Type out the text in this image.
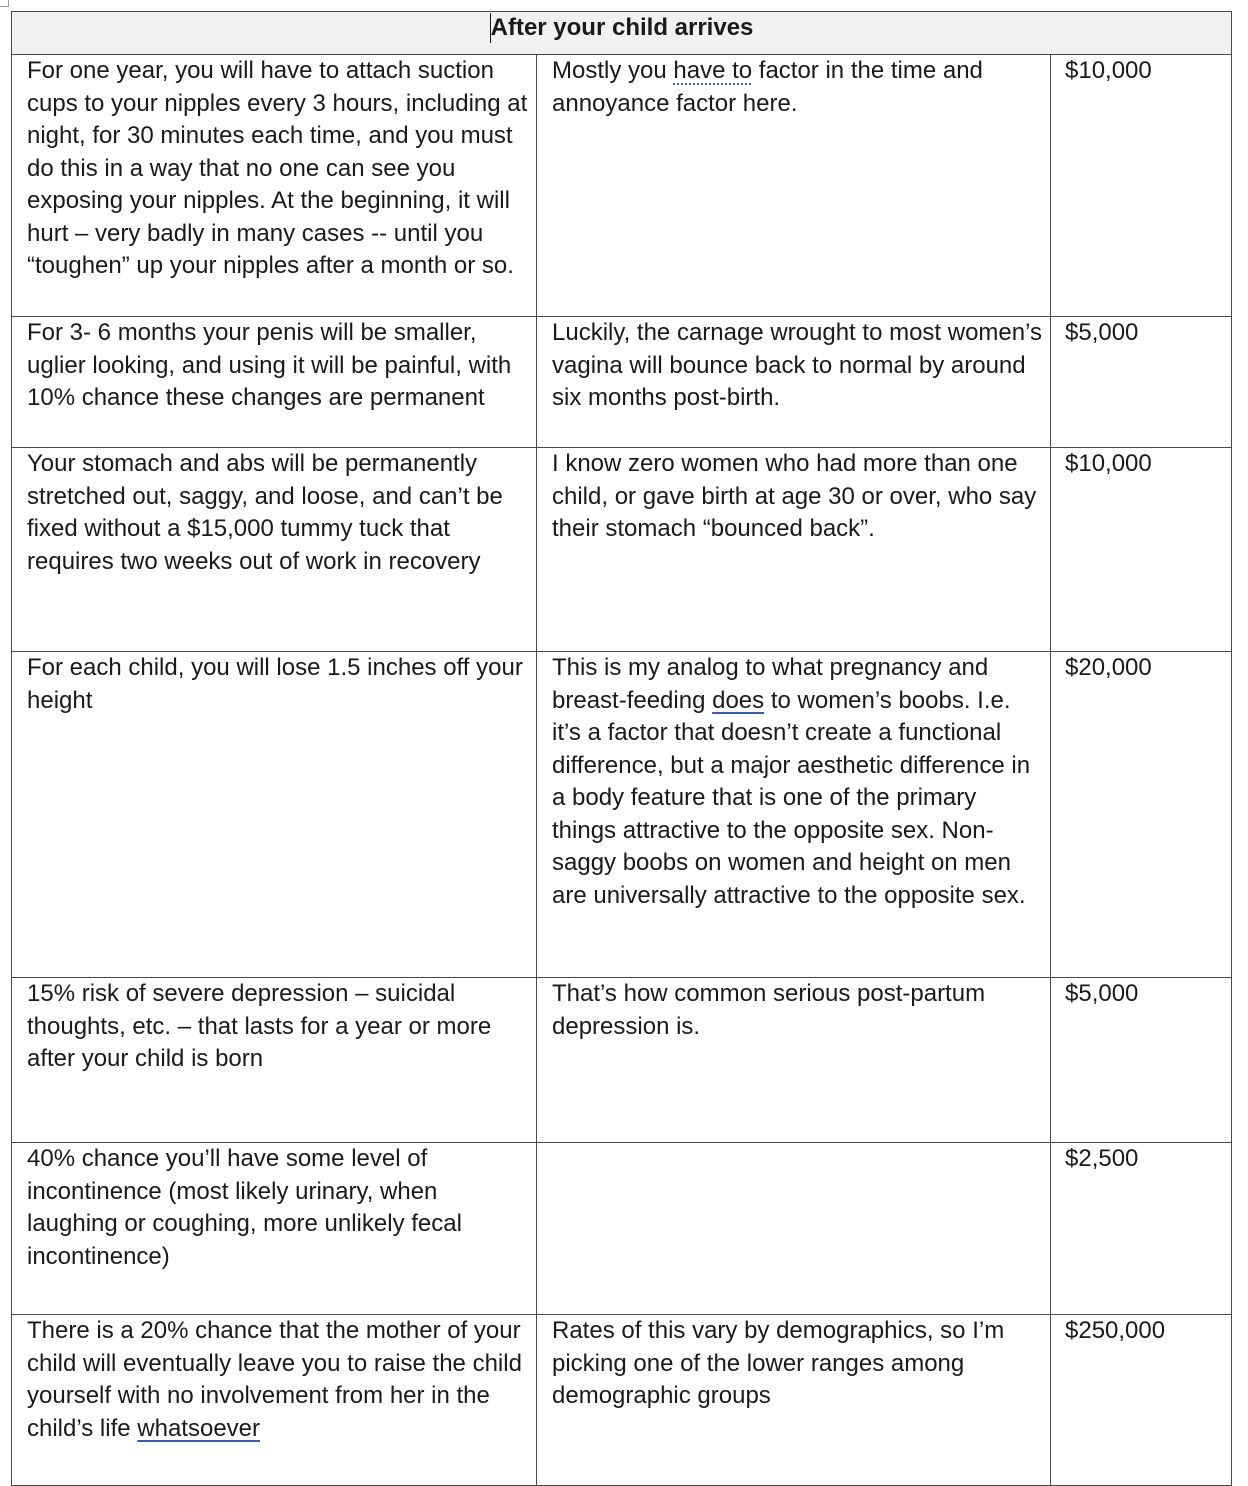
After your child arrives		

For one year, you will have to attach suction cups to your nipples every 3 hours, including at night, for 30 minutes each time, and you must do this in a way that no one can see you exposing your nipples. At the beginning, it will hurt – very badly in many cases -- until you “toughen” up your nipples after a month or so.	Mostly you have to factor in the time and annoyance factor here.	$10,000

For 3- 6 months your penis will be smaller, uglier looking, and using it will be painful, with 10% chance these changes are permanent	Luckily, the carnage wrought to most women’s vagina will bounce back to normal by around six months post-birth.	$5,000

Your stomach and abs will be permanently stretched out, saggy, and loose, and can’t be fixed without a $15,000 tummy tuck that requires two weeks out of work in recovery	I know zero women who had more than one child, or gave birth at age 30 or over, who say their stomach “bounced back”.	$10,000

For each child, you will lose 1.5 inches off your height	This is my analog to what pregnancy and breast-feeding does to women’s boobs. I.e. it’s a factor that doesn’t create a functional difference, but a major aesthetic difference in a body feature that is one of the primary things attractive to the opposite sex. Non-saggy boobs on women and height on men are universally attractive to the opposite sex.	$20,000

15% risk of severe depression – suicidal thoughts, etc. – that lasts for a year or more after your child is born	That’s how common serious post-partum depression is.	$5,000

40% chance you’ll have some level of incontinence (most likely urinary, when laughing or coughing, more unlikely fecal incontinence)		$2,500

There is a 20% chance that the mother of your child will eventually leave you to raise the child yourself with no involvement from her in the child’s life whatsoever	Rates of this vary by demographics, so I’m picking one of the lower ranges among demographic groups	$250,000
